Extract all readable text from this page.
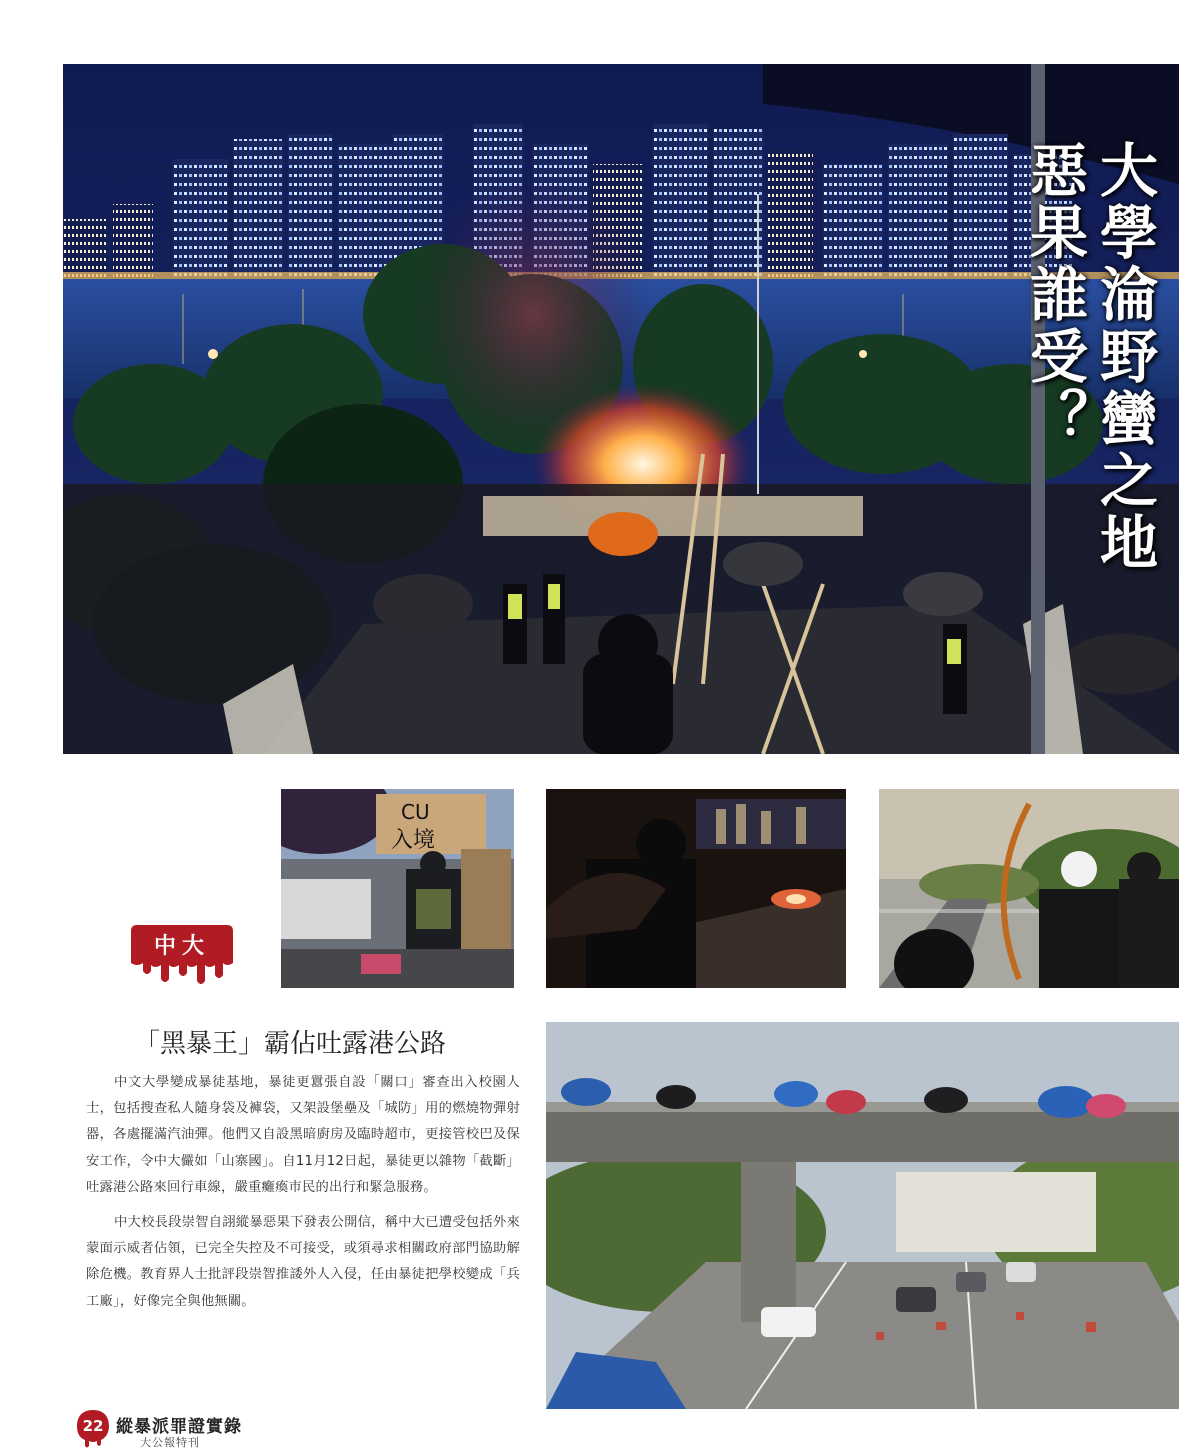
大學淪野蠻之地
惡果誰受？
CU
入境
中大
「黑暴王」霸佔吐露港公路

中文大學變成暴徒基地，暴徒更囂張自設「關口」審查出入校園人士，包括搜查私人隨身袋及褲袋，又架設堡壘及「城防」用的燃燒物彈射器，各處擺滿汽油彈。他們又自設黑暗廚房及臨時超市，更接管校巴及保安工作，令中大儼如「山寨國」。自11月12日起，暴徒更以雜物「截斷」吐露港公路來回行車線，嚴重癱瘓市民的出行和緊急服務。

中大校長段崇智自詡縱暴惡果下發表公開信，稱中大已遭受包括外來蒙面示威者佔領，已完全失控及不可接受，或須尋求相關政府部門協助解除危機。教育界人士批評段崇智推諉外人入侵，任由暴徒把學校變成「兵工廠」，好像完全與他無關。

22 縱暴派罪證實錄
大公報特刊
